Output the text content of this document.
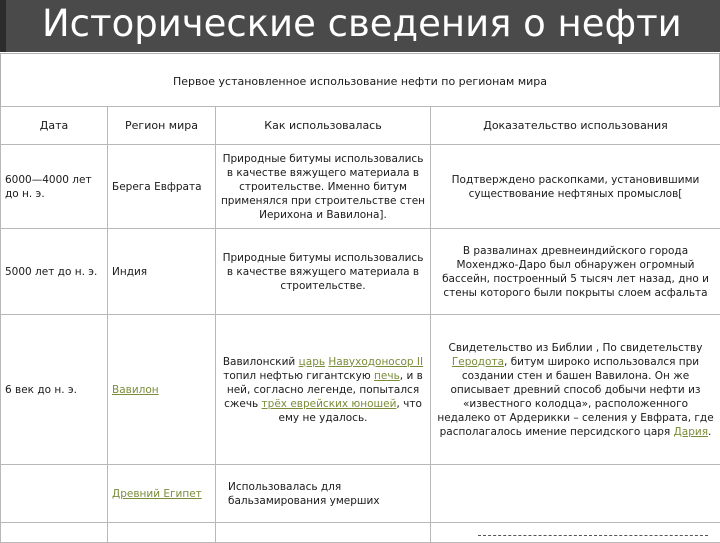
Исторические сведения о нефти
Первое установленное использование нефти по регионам мира
Дата	Регион мира	Как использовалась	Доказательство использования
6000—4000 лет до н. э.	Берега Евфрата	Природные битумы использовались в качестве вяжущего материала в строительстве. Именно битум применялся при строительстве стен Иерихона и Вавилона].	Подтверждено раскопками, установившими существование нефтяных промыслов[
5000 лет до н. э.	Индия	Природные битумы использовались в качестве вяжущего материала в строительстве.	В развалинах древнеиндийского города Мохенджо-Даро был обнаружен огромный бассейн, построенный 5 тысяч лет назад, дно и стены которого были покрыты слоем асфальта
6 век до н. э.	Вавилон	Вавилонский царь Навуходоносор II топил нефтью гигантскую печь, и в ней, согласно легенде, попытался сжечь трёх еврейских юношей, что ему не удалось.	Свидетельство из Библии , По свидетельству Геродота, битум широко использовался при создании стен и башен Вавилона. Он же описывает древний способ добычи нефти из «известного колодца», расположенного недалеко от Ардерикки – селения у Евфрата, где располагалось имение персидского царя Дария.
	Древний Египет	Использовалась для бальзамирования умерших	
